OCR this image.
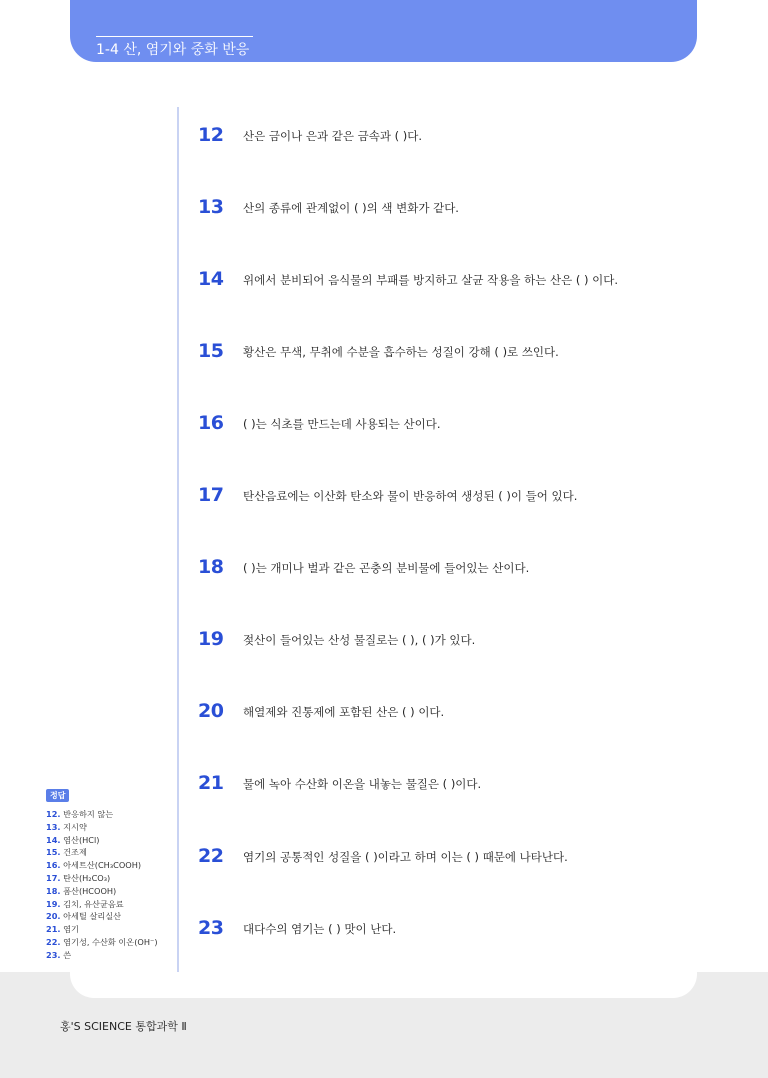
1-4 산, 염기와 중화 반응
12 산은 금이나 은과 같은 금속과 ( )다.
13 산의 종류에 관계없이 ( )의 색 변화가 같다.
14 위에서 분비되어 음식물의 부패를 방지하고 살균 작용을 하는 산은 ( ) 이다.
15 황산은 무색, 무취에 수분을 흡수하는 성질이 강해 ( )로 쓰인다.
16 ( )는 식초를 만드는데 사용되는 산이다.
17 탄산음료에는 이산화 탄소와 물이 반응하여 생성된 ( )이 들어 있다.
18 ( )는 개미나 벌과 같은 곤충의 분비물에 들어있는 산이다.
19 젖산이 들어있는 산성 물질로는 ( ), ( )가 있다.
20 해열제와 진통제에 포함된 산은 ( ) 이다.
21 물에 녹아 수산화 이온을 내놓는 물질은 ( )이다.
22 염기의 공통적인 성질을 ( )이라고 하며 이는 ( ) 때문에 나타난다.
23 대다수의 염기는 ( ) 맛이 난다.
정답
12. 반응하지 않는
13. 지시약
14. 염산(HCl)
15. 건조제
16. 아세트산(CH₃COOH)
17. 탄산(H₂CO₃)
18. 폼산(HCOOH)
19. 김치, 유산균음료
20. 아세틸 살리실산
21. 염기
22. 염기성, 수산화 이온(OH⁻)
23. 쓴
홍'S SCIENCE 통합과학 Ⅱ
